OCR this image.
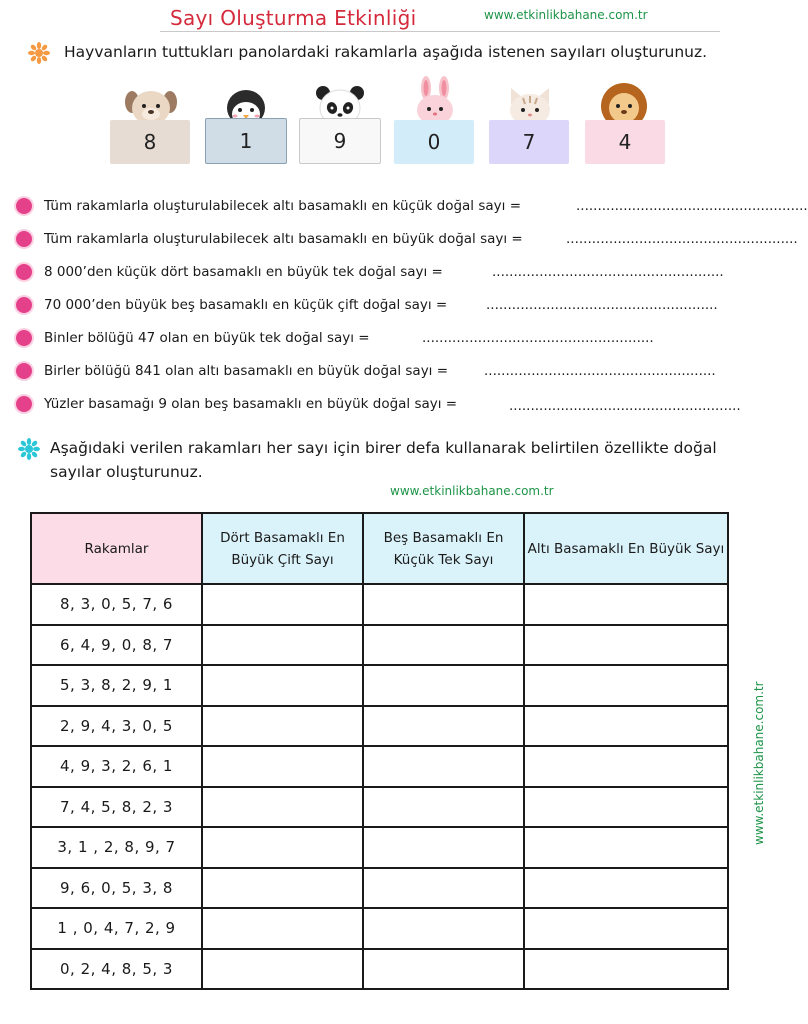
Sayı Oluşturma Etkinliği	www.etkinlikbahane.com.tr
Hayvanların tuttukları panolardaki rakamlarla aşağıda istenen sayıları oluşturunuz.
8	1	9	0	7	4
Tüm rakamlarla oluşturulabilecek altı basamaklı en küçük doğal sayı =	......................................................
Tüm rakamlarla oluşturulabilecek altı basamaklı en büyük doğal sayı =	......................................................
8 000’den küçük dört basamaklı en büyük tek doğal sayı =	......................................................
70 000’den büyük beş basamaklı en küçük çift doğal sayı =	......................................................
Binler bölüğü 47 olan en büyük tek doğal sayı =	......................................................
Birler bölüğü 841 olan altı basamaklı en büyük doğal sayı =	......................................................
Yüzler basamağı 9 olan beş basamaklı en büyük doğal sayı =	......................................................
Aşağıdaki verilen rakamları her sayı için birer defa kullanarak belirtilen özellikte doğal sayılar oluşturunuz.
www.etkinlikbahane.com.tr
Rakamlar	Dört Basamaklı En Büyük Çift Sayı	Beş Basamaklı En Küçük Tek Sayı	Altı Basamaklı En Büyük Sayı
8, 3, 0, 5, 7, 6			
6, 4, 9, 0, 8, 7			
5, 3, 8, 2, 9, 1			
2, 9, 4, 3, 0, 5			
4, 9, 3, 2, 6, 1			
7, 4, 5, 8, 2, 3			
3, 1 , 2, 8, 9, 7			
9, 6, 0, 5, 3, 8			
1 , 0, 4, 7, 2, 9			
0, 2, 4, 8, 5, 3			
www.etkinlikbahane.com.tr
